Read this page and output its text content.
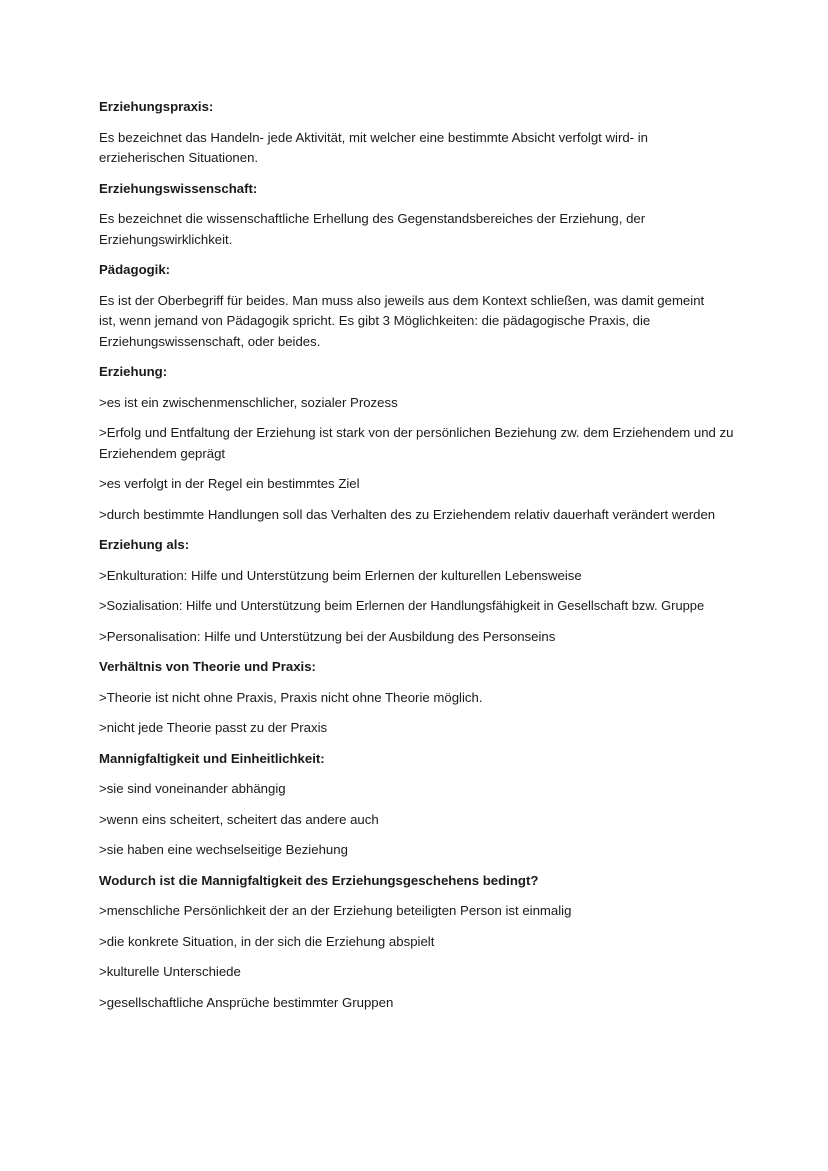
Erziehungspraxis:
Es bezeichnet das Handeln- jede Aktivität, mit welcher eine bestimmte Absicht verfolgt wird- in erzieherischen Situationen.
Erziehungswissenschaft:
Es bezeichnet die wissenschaftliche Erhellung des Gegenstandsbereiches der Erziehung, der Erziehungswirklichkeit.
Pädagogik:
Es ist der Oberbegriff für beides. Man muss also jeweils aus dem Kontext schließen, was damit gemeint ist, wenn jemand von Pädagogik spricht. Es gibt 3 Möglichkeiten: die pädagogische Praxis, die Erziehungswissenschaft, oder beides.
Erziehung:
>es ist ein zwischenmenschlicher, sozialer Prozess
>Erfolg und Entfaltung der Erziehung ist stark von der persönlichen Beziehung zw. dem Erziehendem und zu Erziehendem geprägt
>es verfolgt in der Regel ein bestimmtes Ziel
>durch bestimmte Handlungen soll das Verhalten des zu Erziehendem relativ dauerhaft verändert werden
Erziehung als:
>Enkulturation: Hilfe und Unterstützung beim Erlernen der kulturellen Lebensweise
>Sozialisation: Hilfe und Unterstützung beim Erlernen der Handlungsfähigkeit in Gesellschaft bzw. Gruppe
>Personalisation: Hilfe und Unterstützung bei der Ausbildung des Personseins
Verhältnis von Theorie und Praxis:
>Theorie ist nicht ohne Praxis, Praxis nicht ohne Theorie möglich.
>nicht jede Theorie passt zu der Praxis
Mannigfaltigkeit und Einheitlichkeit:
>sie sind voneinander abhängig
>wenn eins scheitert, scheitert das andere auch
>sie haben eine wechselseitige Beziehung
Wodurch ist die Mannigfaltigkeit des Erziehungsgeschehens bedingt?
>menschliche Persönlichkeit der an der Erziehung beteiligten Person ist einmalig
>die konkrete Situation, in der sich die Erziehung abspielt
>kulturelle Unterschiede
>gesellschaftliche Ansprüche bestimmter Gruppen
